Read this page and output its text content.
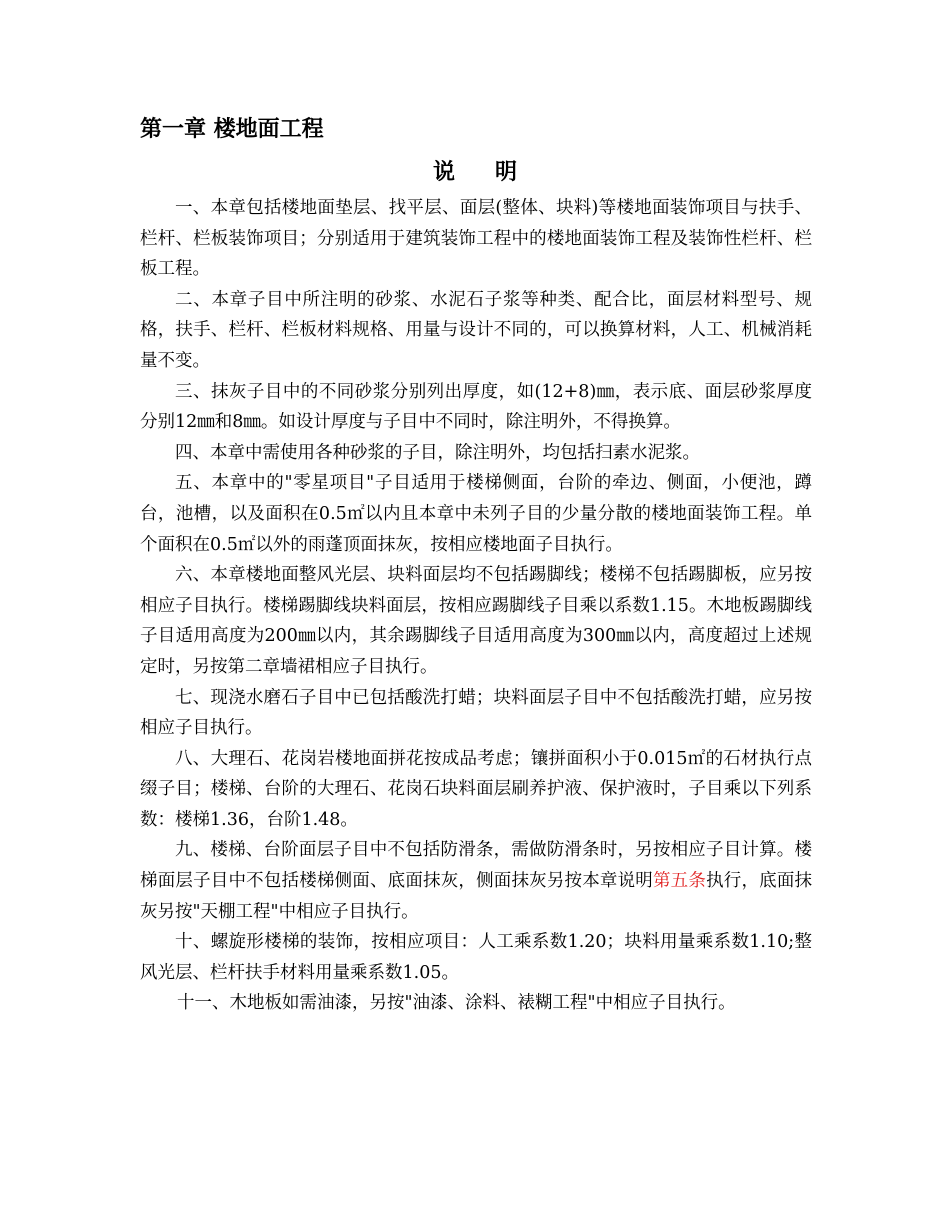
第一章 楼地面工程
说明

一、本章包括楼地面垫层、找平层、面层(整体、块料)等楼地面装饰项目与扶手、栏杆、栏板装饰项目；分别适用于建筑装饰工程中的楼地面装饰工程及装饰性栏杆、栏板工程。

二、本章子目中所注明的砂浆、水泥石子浆等种类、配合比，面层材料型号、规格，扶手、栏杆、栏板材料规格、用量与设计不同的，可以换算材料，人工、机械消耗量不变。

三、抹灰子目中的不同砂浆分别列出厚度，如(12+8)㎜，表示底、面层砂浆厚度分别12㎜和8㎜。如设计厚度与子目中不同时，除注明外，不得换算。

四、本章中需使用各种砂浆的子目，除注明外，均包括扫素水泥浆。

五、本章中的"零星项目"子目适用于楼梯侧面，台阶的牵边、侧面，小便池，蹲台，池槽，以及面积在0.5㎡以内且本章中未列子目的少量分散的楼地面装饰工程。单个面积在0.5㎡以外的雨蓬顶面抹灰，按相应楼地面子目执行。

六、本章楼地面整风光层、块料面层均不包括踢脚线；楼梯不包括踢脚板，应另按相应子目执行。楼梯踢脚线块料面层，按相应踢脚线子目乘以系数1.15。木地板踢脚线子目适用高度为200㎜以内，其余踢脚线子目适用高度为300㎜以内，高度超过上述规定时，另按第二章墙裙相应子目执行。

七、现浇水磨石子目中已包括酸洗打蜡；块料面层子目中不包括酸洗打蜡，应另按相应子目执行。

八、大理石、花岗岩楼地面拼花按成品考虑；镶拼面积小于0.015㎡的石材执行点缀子目；楼梯、台阶的大理石、花岗石块料面层刷养护液、保护液时，子目乘以下列系数：楼梯1.36，台阶1.48。

九、楼梯、台阶面层子目中不包括防滑条，需做防滑条时，另按相应子目计算。楼梯面层子目中不包括楼梯侧面、底面抹灰，侧面抹灰另按本章说明第五条执行，底面抹灰另按"天棚工程"中相应子目执行。

十、螺旋形楼梯的装饰，按相应项目：人工乘系数1.20；块料用量乘系数1.10;整风光层、栏杆扶手材料用量乘系数1.05。

十一、木地板如需油漆，另按"油漆、涂料、裱糊工程"中相应子目执行。
